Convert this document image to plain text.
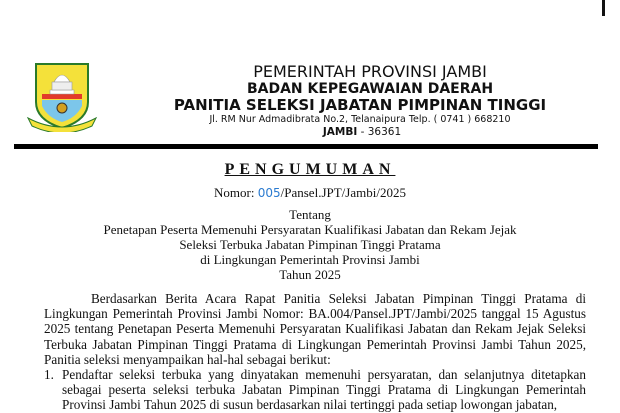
PEMERINTAH PROVINSI JAMBI
BADAN KEPEGAWAIAN DAERAH
PANITIA SELEKSI JABATAN PIMPINAN TINGGI
Jl. RM Nur Admadibrata No.2, Telanaipura Telp. ( 0741 ) 668210
JAMBI - 36361
PENGUMUMAN
Nomor: 005/Pansel.JPT/Jambi/2025
Tentang
Penetapan Peserta Memenuhi Persyaratan Kualifikasi Jabatan dan Rekam Jejak
Seleksi Terbuka Jabatan Pimpinan Tinggi Pratama
di Lingkungan Pemerintah Provinsi Jambi
Tahun 2025

Berdasarkan Berita Acara Rapat Panitia Seleksi Jabatan Pimpinan Tinggi Pratama di Lingkungan Pemerintah Provinsi Jambi Nomor: BA.004/Pansel.JPT/Jambi/2025 tanggal 15 Agustus 2025 tentang Penetapan Peserta Memenuhi Persyaratan Kualifikasi Jabatan dan Rekam Jejak Seleksi Terbuka Jabatan Pimpinan Tinggi Pratama di Lingkungan Pemerintah Provinsi Jambi Tahun 2025, Panitia seleksi menyampaikan hal-hal sebagai berikut:

1. Pendaftar seleksi terbuka yang dinyatakan memenuhi persyaratan, dan selanjutnya ditetapkan sebagai peserta seleksi terbuka Jabatan Pimpinan Tinggi Pratama di Lingkungan Pemerintah Provinsi Jambi Tahun 2025 di susun berdasarkan nilai tertinggi pada setiap lowongan jabatan,
